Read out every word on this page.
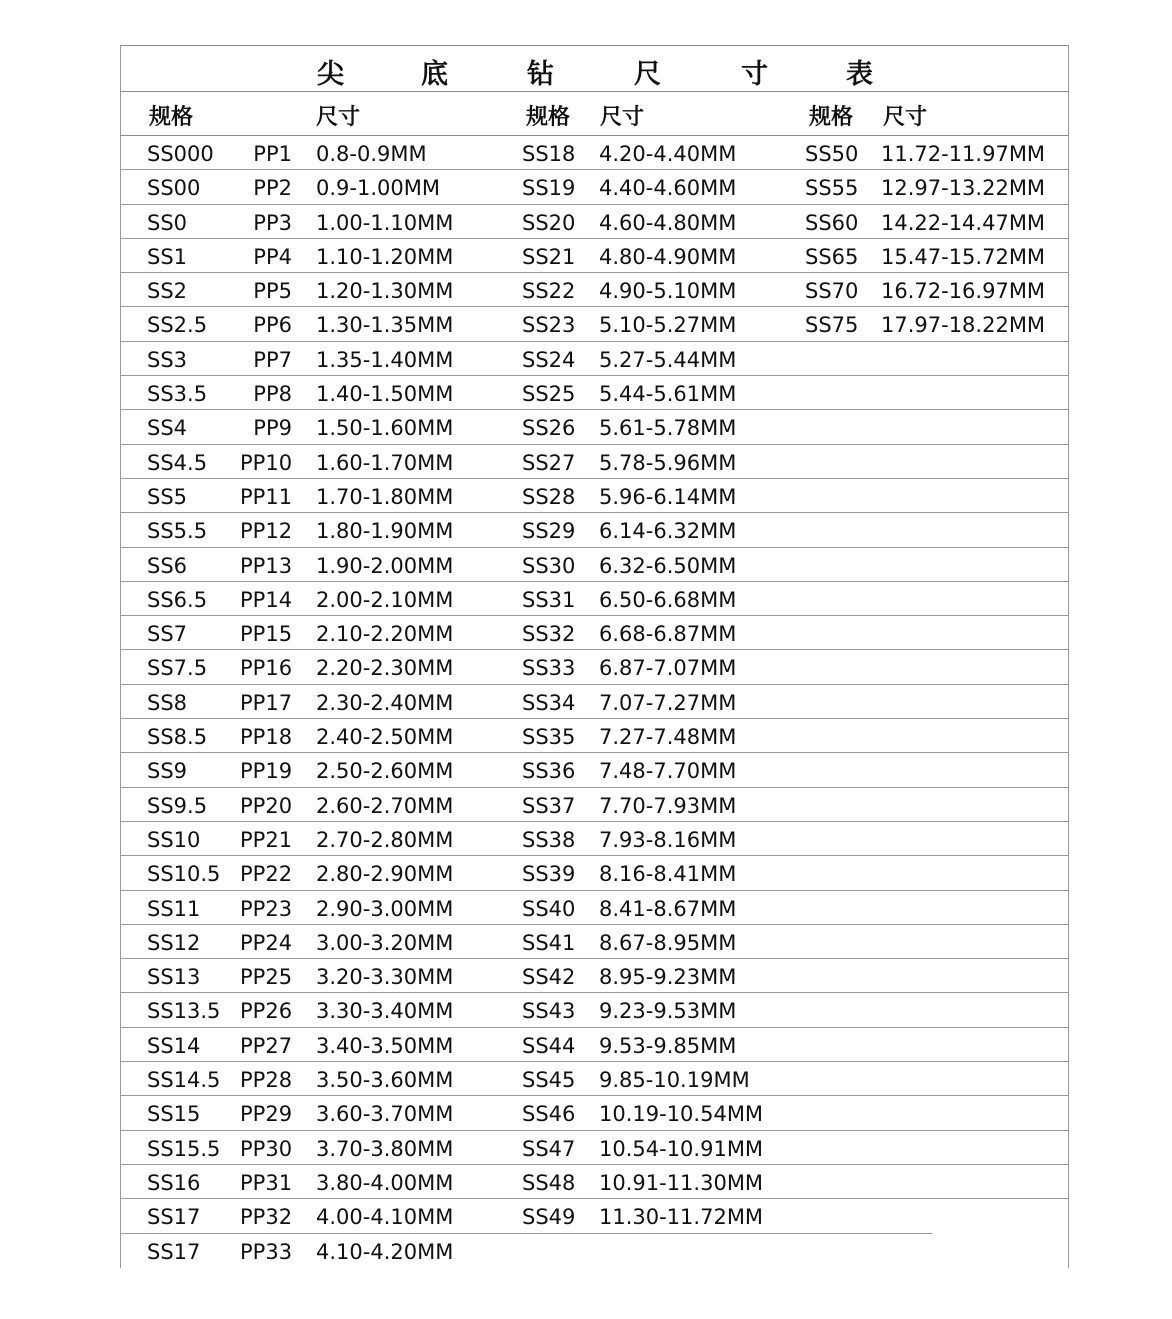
尖	底	钻	尺	寸	表
规格	尺寸	规格 尺寸	规格 尺寸
SS000	PP1 0.8-0.9MM	SS18 4.20-4.40MM	SS50 11.72-11.97MM
SS00	PP2 0.9-1.00MM	SS19 4.40-4.60MM	SS55 12.97-13.22MM
SS0	PP3 1.00-1.10MM	SS20 4.60-4.80MM	SS60 14.22-14.47MM
SS1	PP4 1.10-1.20MM	SS21 4.80-4.90MM	SS65 15.47-15.72MM
SS2	PP5 1.20-1.30MM	SS22 4.90-5.10MM	SS70 16.72-16.97MM
SS2.5	PP6 1.30-1.35MM	SS23 5.10-5.27MM	SS75 17.97-18.22MM
SS3	PP7 1.35-1.40MM	SS24 5.27-5.44MM
SS3.5	PP8 1.40-1.50MM	SS25 5.44-5.61MM
SS4	PP9 1.50-1.60MM	SS26 5.61-5.78MM
SS4.5 PP10 1.60-1.70MM	SS27 5.78-5.96MM
SS5	PP11 1.70-1.80MM	SS28 5.96-6.14MM
SS5.5 PP12 1.80-1.90MM	SS29 6.14-6.32MM
SS6	PP13 1.90-2.00MM	SS30 6.32-6.50MM
SS6.5 PP14 2.00-2.10MM	SS31 6.50-6.68MM
SS7	PP15 2.10-2.20MM	SS32 6.68-6.87MM
SS7.5 PP16 2.20-2.30MM	SS33 6.87-7.07MM
SS8	PP17 2.30-2.40MM	SS34 7.07-7.27MM
SS8.5 PP18 2.40-2.50MM	SS35 7.27-7.48MM
SS9	PP19 2.50-2.60MM	SS36 7.48-7.70MM
SS9.5 PP20 2.60-2.70MM	SS37 7.70-7.93MM
SS10 PP21 2.70-2.80MM	SS38 7.93-8.16MM
SS10.5 PP22 2.80-2.90MM	SS39 8.16-8.41MM
SS11 PP23 2.90-3.00MM	SS40 8.41-8.67MM
SS12 PP24 3.00-3.20MM	SS41 8.67-8.95MM
SS13 PP25 3.20-3.30MM	SS42 8.95-9.23MM
SS13.5 PP26 3.30-3.40MM	SS43 9.23-9.53MM
SS14 PP27 3.40-3.50MM	SS44 9.53-9.85MM
SS14.5 PP28 3.50-3.60MM	SS45 9.85-10.19MM
SS15 PP29 3.60-3.70MM	SS46 10.19-10.54MM
SS15.5 PP30 3.70-3.80MM	SS47 10.54-10.91MM
SS16 PP31 3.80-4.00MM	SS48 10.91-11.30MM
SS17 PP32 4.00-4.10MM	SS49 11.30-11.72MM
SS17 PP33 4.10-4.20MM
